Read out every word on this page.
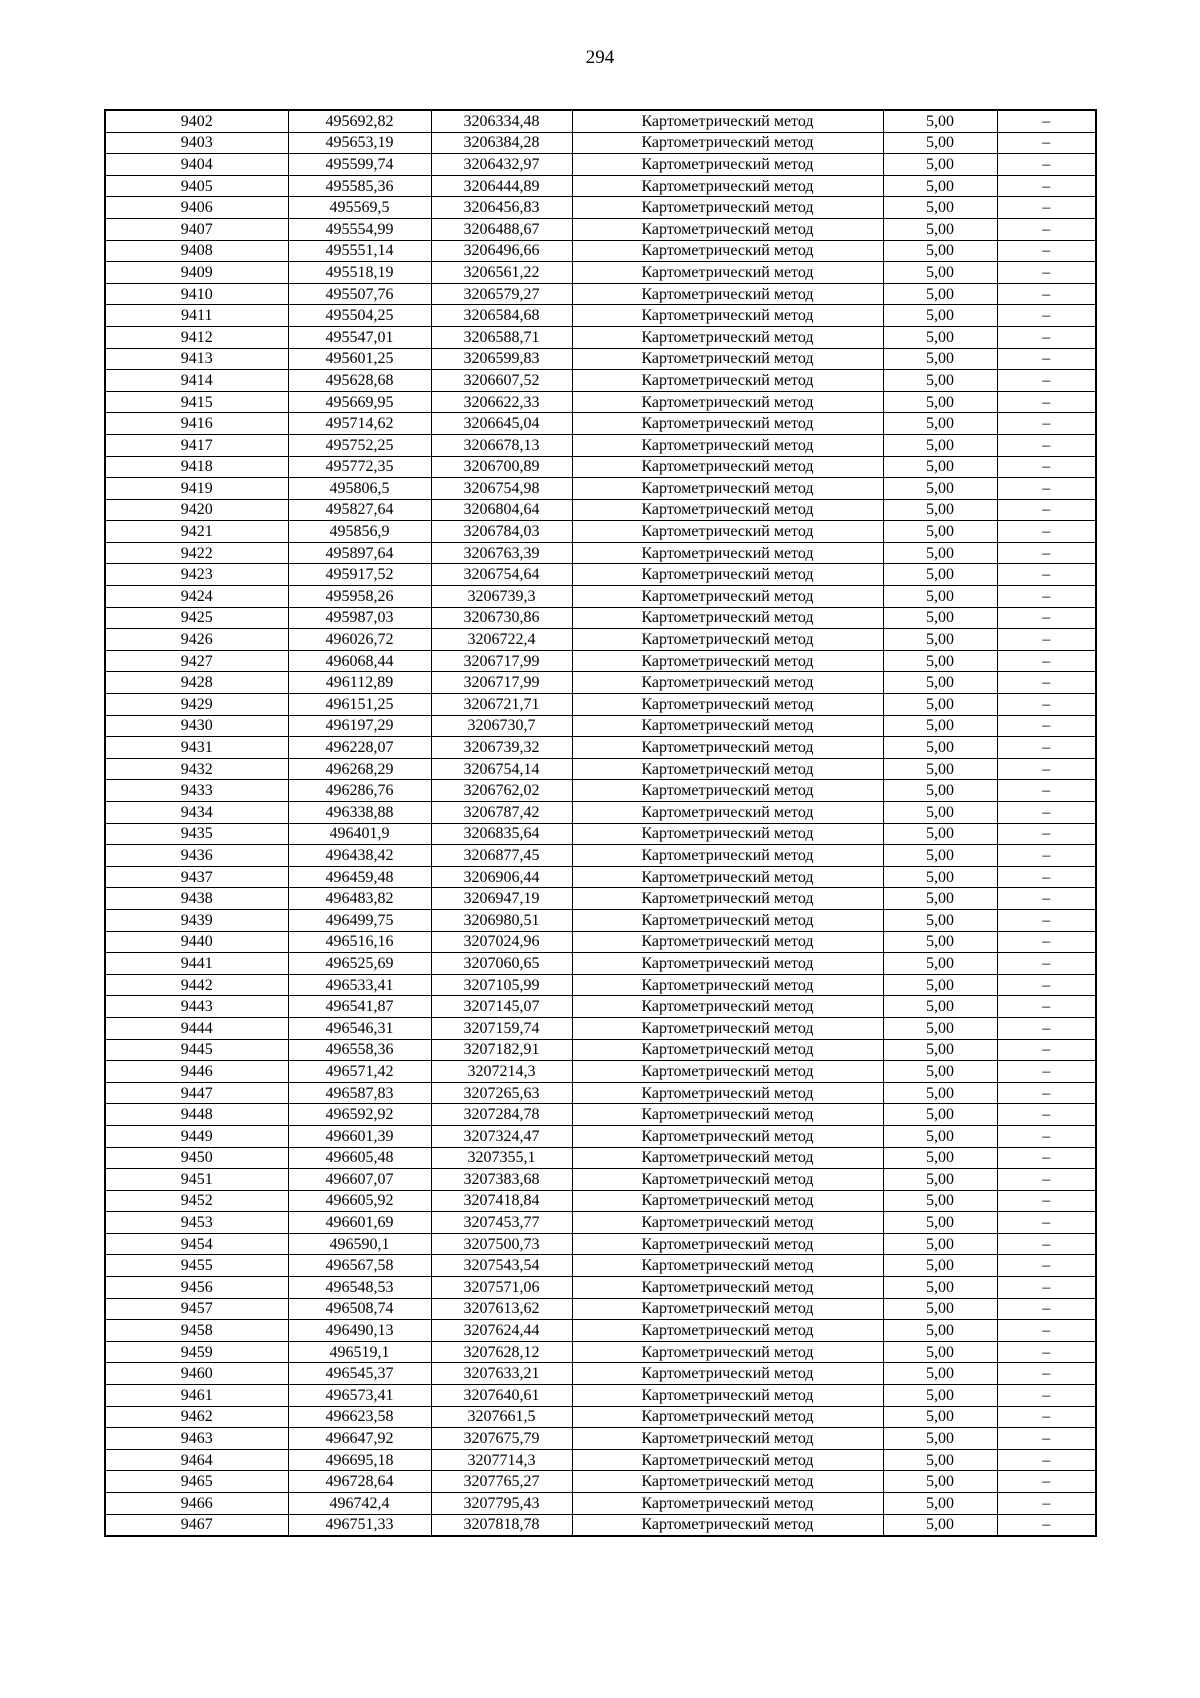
294
9402	495692,82	3206334,48	Картометрический метод	5,00	–
9403	495653,19	3206384,28	Картометрический метод	5,00	–
9404	495599,74	3206432,97	Картометрический метод	5,00	–
9405	495585,36	3206444,89	Картометрический метод	5,00	–
9406	495569,5	3206456,83	Картометрический метод	5,00	–
9407	495554,99	3206488,67	Картометрический метод	5,00	–
9408	495551,14	3206496,66	Картометрический метод	5,00	–
9409	495518,19	3206561,22	Картометрический метод	5,00	–
9410	495507,76	3206579,27	Картометрический метод	5,00	–
9411	495504,25	3206584,68	Картометрический метод	5,00	–
9412	495547,01	3206588,71	Картометрический метод	5,00	–
9413	495601,25	3206599,83	Картометрический метод	5,00	–
9414	495628,68	3206607,52	Картометрический метод	5,00	–
9415	495669,95	3206622,33	Картометрический метод	5,00	–
9416	495714,62	3206645,04	Картометрический метод	5,00	–
9417	495752,25	3206678,13	Картометрический метод	5,00	–
9418	495772,35	3206700,89	Картометрический метод	5,00	–
9419	495806,5	3206754,98	Картометрический метод	5,00	–
9420	495827,64	3206804,64	Картометрический метод	5,00	–
9421	495856,9	3206784,03	Картометрический метод	5,00	–
9422	495897,64	3206763,39	Картометрический метод	5,00	–
9423	495917,52	3206754,64	Картометрический метод	5,00	–
9424	495958,26	3206739,3	Картометрический метод	5,00	–
9425	495987,03	3206730,86	Картометрический метод	5,00	–
9426	496026,72	3206722,4	Картометрический метод	5,00	–
9427	496068,44	3206717,99	Картометрический метод	5,00	–
9428	496112,89	3206717,99	Картометрический метод	5,00	–
9429	496151,25	3206721,71	Картометрический метод	5,00	–
9430	496197,29	3206730,7	Картометрический метод	5,00	–
9431	496228,07	3206739,32	Картометрический метод	5,00	–
9432	496268,29	3206754,14	Картометрический метод	5,00	–
9433	496286,76	3206762,02	Картометрический метод	5,00	–
9434	496338,88	3206787,42	Картометрический метод	5,00	–
9435	496401,9	3206835,64	Картометрический метод	5,00	–
9436	496438,42	3206877,45	Картометрический метод	5,00	–
9437	496459,48	3206906,44	Картометрический метод	5,00	–
9438	496483,82	3206947,19	Картометрический метод	5,00	–
9439	496499,75	3206980,51	Картометрический метод	5,00	–
9440	496516,16	3207024,96	Картометрический метод	5,00	–
9441	496525,69	3207060,65	Картометрический метод	5,00	–
9442	496533,41	3207105,99	Картометрический метод	5,00	–
9443	496541,87	3207145,07	Картометрический метод	5,00	–
9444	496546,31	3207159,74	Картометрический метод	5,00	–
9445	496558,36	3207182,91	Картометрический метод	5,00	–
9446	496571,42	3207214,3	Картометрический метод	5,00	–
9447	496587,83	3207265,63	Картометрический метод	5,00	–
9448	496592,92	3207284,78	Картометрический метод	5,00	–
9449	496601,39	3207324,47	Картометрический метод	5,00	–
9450	496605,48	3207355,1	Картометрический метод	5,00	–
9451	496607,07	3207383,68	Картометрический метод	5,00	–
9452	496605,92	3207418,84	Картометрический метод	5,00	–
9453	496601,69	3207453,77	Картометрический метод	5,00	–
9454	496590,1	3207500,73	Картометрический метод	5,00	–
9455	496567,58	3207543,54	Картометрический метод	5,00	–
9456	496548,53	3207571,06	Картометрический метод	5,00	–
9457	496508,74	3207613,62	Картометрический метод	5,00	–
9458	496490,13	3207624,44	Картометрический метод	5,00	–
9459	496519,1	3207628,12	Картометрический метод	5,00	–
9460	496545,37	3207633,21	Картометрический метод	5,00	–
9461	496573,41	3207640,61	Картометрический метод	5,00	–
9462	496623,58	3207661,5	Картометрический метод	5,00	–
9463	496647,92	3207675,79	Картометрический метод	5,00	–
9464	496695,18	3207714,3	Картометрический метод	5,00	–
9465	496728,64	3207765,27	Картометрический метод	5,00	–
9466	496742,4	3207795,43	Картометрический метод	5,00	–
9467	496751,33	3207818,78	Картометрический метод	5,00	–
